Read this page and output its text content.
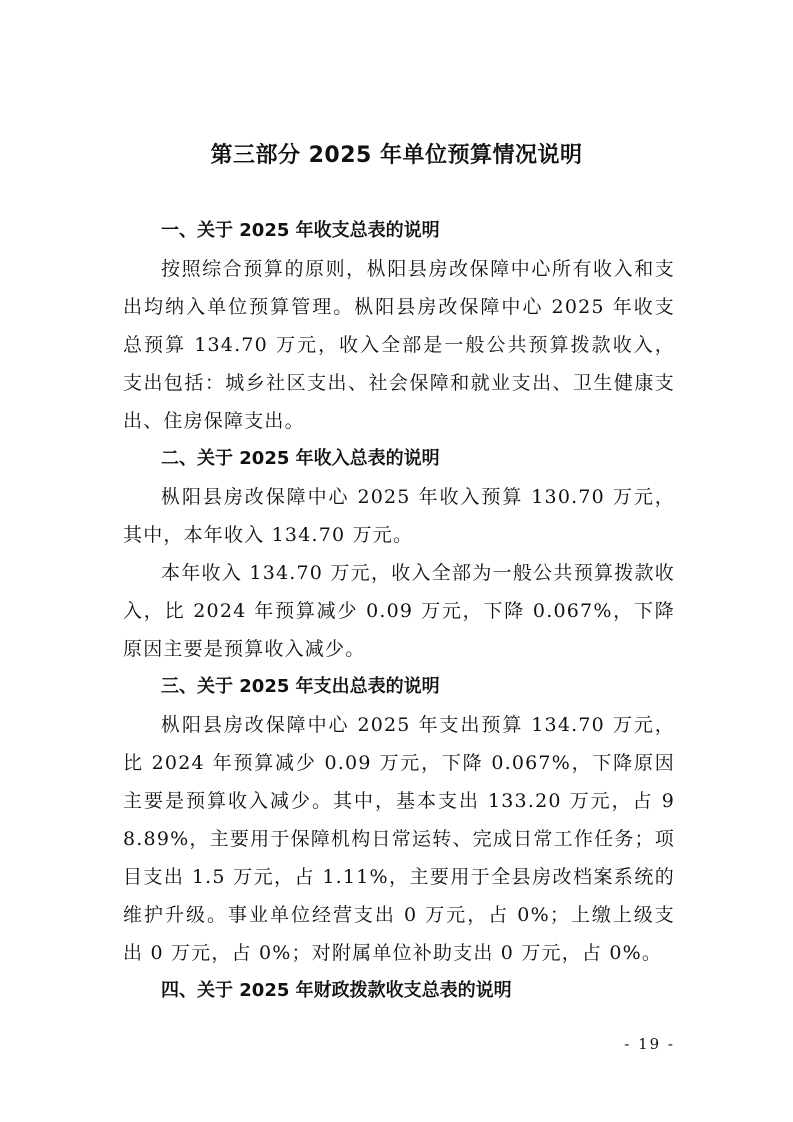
第三部分 2025 年单位预算情况说明
一、关于 2025 年收支总表的说明

按照综合预算的原则，枞阳县房改保障中心所有收入和支出均纳入单位预算管理。枞阳县房改保障中心 2025 年收支总预算 134.70 万元，收入全部是一般公共预算拨款收入，支出包括：城乡社区支出、社会保障和就业支出、卫生健康支出、住房保障支出。

二、关于 2025 年收入总表的说明

枞阳县房改保障中心 2025 年收入预算 130.70 万元，其中，本年收入 134.70 万元。

本年收入 134.70 万元，收入全部为一般公共预算拨款收入，比 2024 年预算减少 0.09 万元，下降 0.067%，下降原因主要是预算收入减少。

三、关于 2025 年支出总表的说明

枞阳县房改保障中心 2025 年支出预算 134.70 万元，比 2024 年预算减少 0.09 万元，下降 0.067%，下降原因主要是预算收入减少。其中，基本支出 133.20 万元，占 98.89%，主要用于保障机构日常运转、完成日常工作任务；项目支出 1.5 万元，占 1.11%，主要用于全县房改档案系统的维护升级。事业单位经营支出 0 万元，占 0%；上缴上级支出 0 万元，占 0%；对附属单位补助支出 0 万元，占 0%。

四、关于 2025 年财政拨款收支总表的说明
- 19 -
